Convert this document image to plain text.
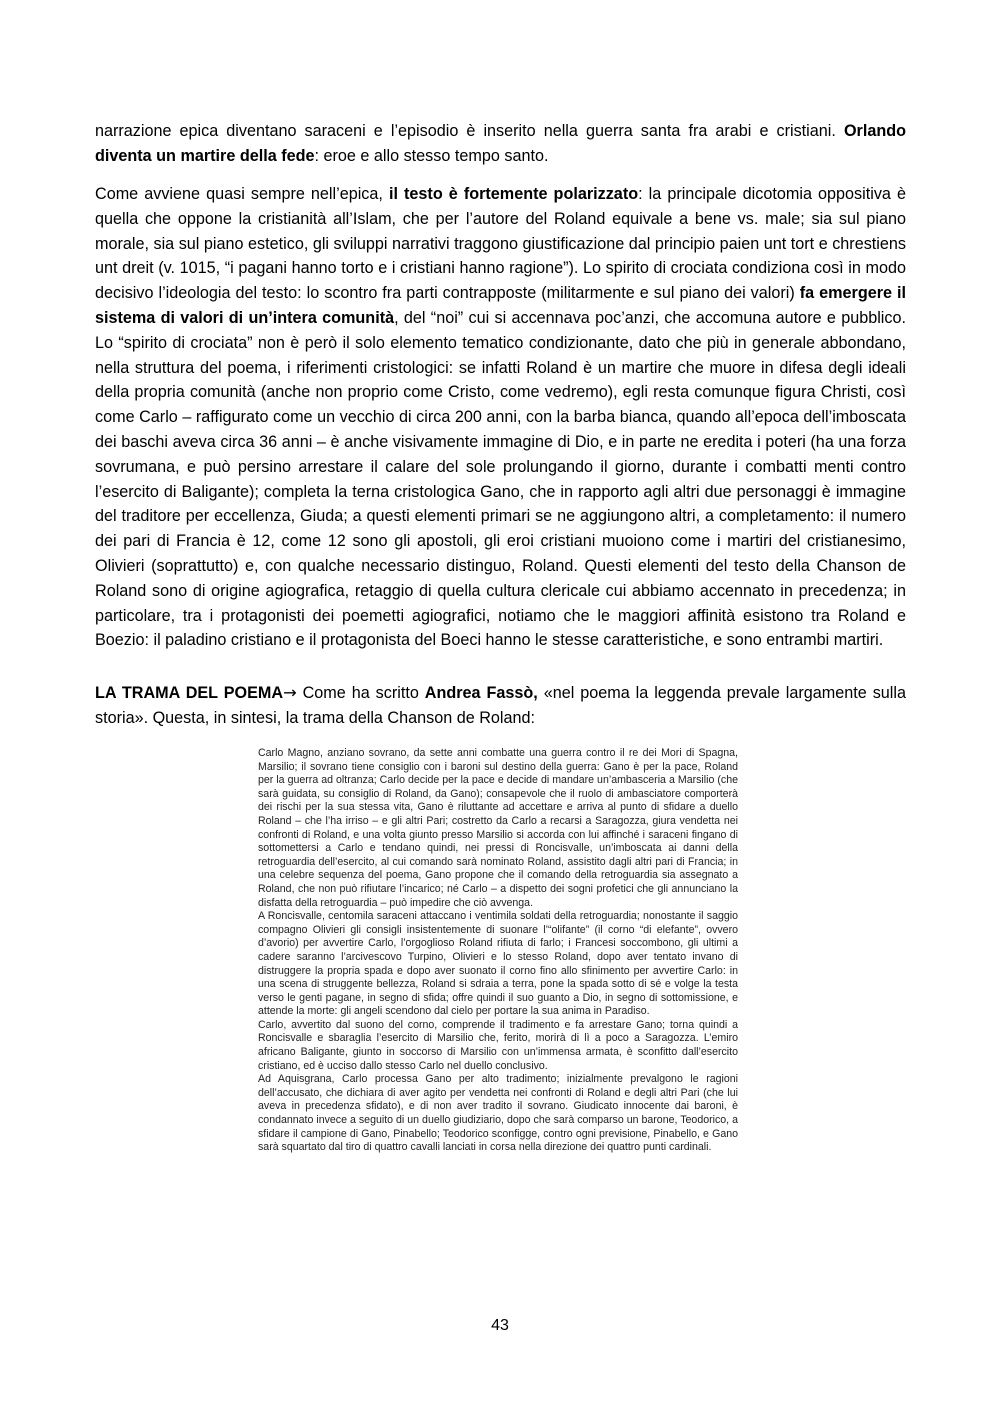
narrazione epica diventano saraceni e l’episodio è inserito nella guerra santa fra arabi e cristiani. Orlando diventa un martire della fede: eroe e allo stesso tempo santo.

Come avviene quasi sempre nell’epica, il testo è fortemente polarizzato: la principale dicotomia oppositiva è quella che oppone la cristianità all’Islam, che per l’autore del Roland equivale a bene vs. male; sia sul piano morale, sia sul piano estetico, gli sviluppi narrativi traggono giustificazione dal principio paien unt tort e chrestiens unt dreit (v. 1015, “i pagani hanno torto e i cristiani hanno ragione”). Lo spirito di crociata condiziona così in modo decisivo l’ideologia del testo: lo scontro fra parti contrapposte (militarmente e sul piano dei valori) fa emergere il sistema di valori di un’intera comunità, del “noi” cui si accennava poc’anzi, che accomuna autore e pubblico. Lo “spirito di crociata” non è però il solo elemento tematico condizionante, dato che più in generale abbondano, nella struttura del poema, i riferimenti cristologici: se infatti Roland è un martire che muore in difesa degli ideali della propria comunità (anche non proprio come Cristo, come vedremo), egli resta comunque figura Christi, così come Carlo – raffigurato come un vecchio di circa 200 anni, con la barba bianca, quando all’epoca dell’imboscata dei baschi aveva circa 36 anni – è anche visivamente immagine di Dio, e in parte ne eredita i poteri (ha una forza sovrumana, e può persino arrestare il calare del sole prolungando il giorno, durante i combatti menti contro l’esercito di Baligante); completa la terna cristologica Gano, che in rapporto agli altri due personaggi è immagine del traditore per eccellenza, Giuda; a questi elementi primari se ne aggiungono altri, a completamento: il numero dei pari di Francia è 12, come 12 sono gli apostoli, gli eroi cristiani muoiono come i martiri del cristianesimo, Olivieri (soprattutto) e, con qualche necessario distinguo, Roland. Questi elementi del testo della Chanson de Roland sono di origine agiografica, retaggio di quella cultura clericale cui abbiamo accennato in precedenza; in particolare, tra i protagonisti dei poemetti agiografici, notiamo che le maggiori affinità esistono tra Roland e Boezio: il paladino cristiano e il protagonista del Boeci hanno le stesse caratteristiche, e sono entrambi martiri.

LA TRAMA DEL POEMA→ Come ha scritto Andrea Fassò, «nel poema la leggenda prevale largamente sulla storia». Questa, in sintesi, la trama della Chanson de Roland:

Carlo Magno, anziano sovrano, da sette anni combatte una guerra contro il re dei Mori di Spagna, Marsilio; il sovrano tiene consiglio con i baroni sul destino della guerra: Gano è per la pace, Roland per la guerra ad oltranza; Carlo decide per la pace e decide di mandare un’ambasceria a Marsilio (che sarà guidata, su consiglio di Roland, da Gano); consapevole che il ruolo di ambasciatore comporterà dei rischi per la sua stessa vita, Gano è riluttante ad accettare e arriva al punto di sfidare a duello Roland – che l’ha irriso – e gli altri Pari; costretto da Carlo a recarsi a Saragozza, giura vendetta nei confronti di Roland, e una volta giunto presso Marsilio si accorda con lui affinché i saraceni fingano di sottomettersi a Carlo e tendano quindi, nei pressi di Roncisvalle, un’imboscata ai danni della retroguardia dell’esercito, al cui comando sarà nominato Roland, assistito dagli altri pari di Francia; in una celebre sequenza del poema, Gano propone che il comando della retroguardia sia assegnato a Roland, che non può rifiutare l’incarico; né Carlo – a dispetto dei sogni profetici che gli annunciano la disfatta della retroguardia – può impedire che ciò avvenga.

A Roncisvalle, centomila saraceni attaccano i ventimila soldati della retroguardia; nonostante il saggio compagno Olivieri gli consigli insistentemente di suonare l’“olifante” (il corno “di elefante”, ovvero d’avorio) per avvertire Carlo, l’orgoglioso Roland rifiuta di farlo; i Francesi soccombono, gli ultimi a cadere saranno l’arcivescovo Turpino, Olivieri e lo stesso Roland, dopo aver tentato invano di distruggere la propria spada e dopo aver suonato il corno fino allo sfinimento per avvertire Carlo: in una scena di struggente bellezza, Roland si sdraia a terra, pone la spada sotto di sé e volge la testa verso le genti pagane, in segno di sfida; offre quindi il suo guanto a Dio, in segno di sottomissione, e attende la morte: gli angeli scendono dal cielo per portare la sua anima in Paradiso.

Carlo, avvertito dal suono del corno, comprende il tradimento e fa arrestare Gano; torna quindi a Roncisvalle e sbaraglia l’esercito di Marsilio che, ferito, morirà di lì a poco a Saragozza. L’emiro africano Baligante, giunto in soccorso di Marsilio con un’immensa armata, è sconfitto dall’esercito cristiano, ed è ucciso dallo stesso Carlo nel duello conclusivo.

Ad Aquisgrana, Carlo processa Gano per alto tradimento; inizialmente prevalgono le ragioni dell’accusato, che dichiara di aver agito per vendetta nei confronti di Roland e degli altri Pari (che lui aveva in precedenza sfidato), e di non aver tradito il sovrano. Giudicato innocente dai baroni, è condannato invece a seguito di un duello giudiziario, dopo che sarà comparso un barone, Teodorico, a sfidare il campione di Gano, Pinabello; Teodorico sconfigge, contro ogni previsione, Pinabello, e Gano sarà squartato dal tiro di quattro cavalli lanciati in corsa nella direzione dei quattro punti cardinali.

43
